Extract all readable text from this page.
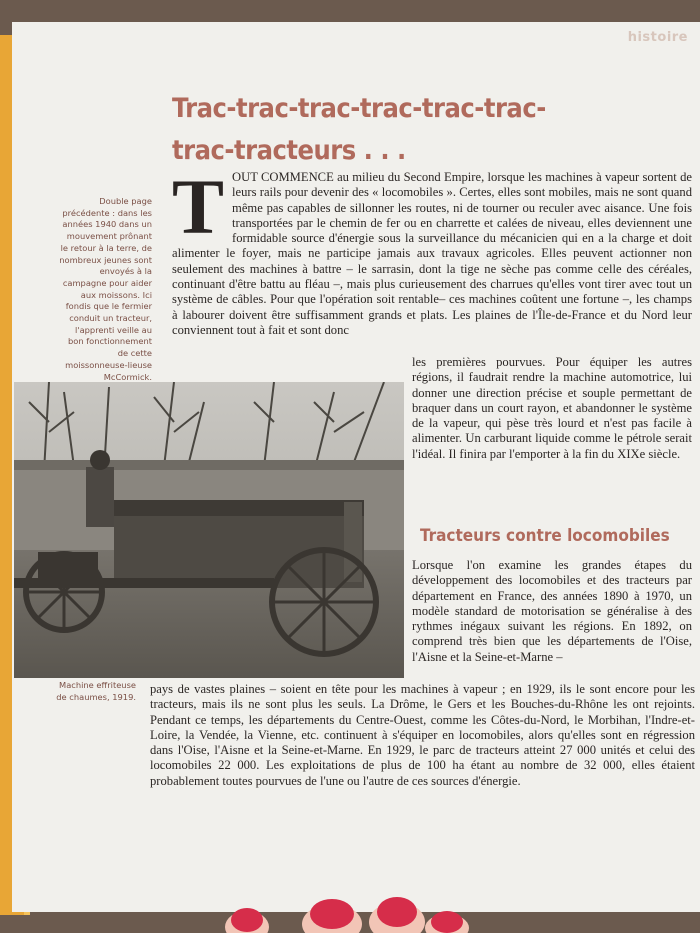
histoire
Trac-trac-trac-trac-trac-trac-trac-tracteurs . . .
Double page précédente : dans les années 1940 dans un mouvement prônant le retour à la terre, de nombreux jeunes sont envoyés à la campagne pour aider aux moissons. Ici fondis que le fermier conduit un tracteur, l'apprenti veille au bon fonctionnement de cette moissonneuse-lieuse McCormick.

TOUT COMMENCE au milieu du Second Empire, lorsque les machines à vapeur sortent de leurs rails pour devenir des « locomobiles ». Certes, elles sont mobiles, mais ne sont quand même pas capables de sillonner les routes, ni de tourner ou reculer avec aisance. Une fois transportées par le chemin de fer ou en charrette et calées de niveau, elles deviennent une formidable source d'énergie sous la surveillance du mécanicien qui en a la charge et doit alimenter le foyer, mais ne participe jamais aux travaux agricoles. Elles peuvent actionner non seulement des machines à battre – le sarrasin, dont la tige ne sèche pas comme celle des céréales, continuant d'être battu au fléau –, mais plus curieusement des charrues qu'elles vont tirer avec tout un système de câbles. Pour que l'opération soit rentable– ces machines coûtent une fortune –, les champs à labourer doivent être suffisamment grands et plats. Les plaines de l'Île-de-France et du Nord leur conviennent tout à fait et sont donc

les premières pourvues. Pour équiper les autres régions, il faudrait rendre la machine automotrice, lui donner une direction précise et souple permettant de braquer dans un court rayon, et abandonner le système de la vapeur, qui pèse très lourd et n'est pas facile à alimenter. Un carburant liquide comme le pétrole serait l'idéal. Il finira par l'emporter à la fin du XIXe siècle.

Tracteurs contre locomobiles

Lorsque l'on examine les grandes étapes du développement des locomobiles et des tracteurs par département en France, des années 1890 à 1970, un modèle standard de motorisation se généralise à des rythmes inégaux suivant les régions. En 1892, on comprend très bien que les départements de l'Oise, l'Aisne et la Seine-et-Marne –

Machine effriteuse de chaumes, 1919.

pays de vastes plaines – soient en tête pour les machines à vapeur ; en 1929, ils le sont encore pour les tracteurs, mais ils ne sont plus les seuls. La Drôme, le Gers et les Bouches-du-Rhône les ont rejoints. Pendant ce temps, les départements du Centre-Ouest, comme les Côtes-du-Nord, le Morbihan, l'Indre-et-Loire, la Vendée, la Vienne, etc. continuent à s'équiper en locomobiles, alors qu'elles sont en régression dans l'Oise, l'Aisne et la Seine-et-Marne. En 1929, le parc de tracteurs atteint 27 000 unités et celui des locomobiles 22 000. Les exploitations de plus de 100 ha étant au nombre de 32 000, elles étaient probablement toutes pourvues de l'une ou l'autre de ces sources d'énergie.
